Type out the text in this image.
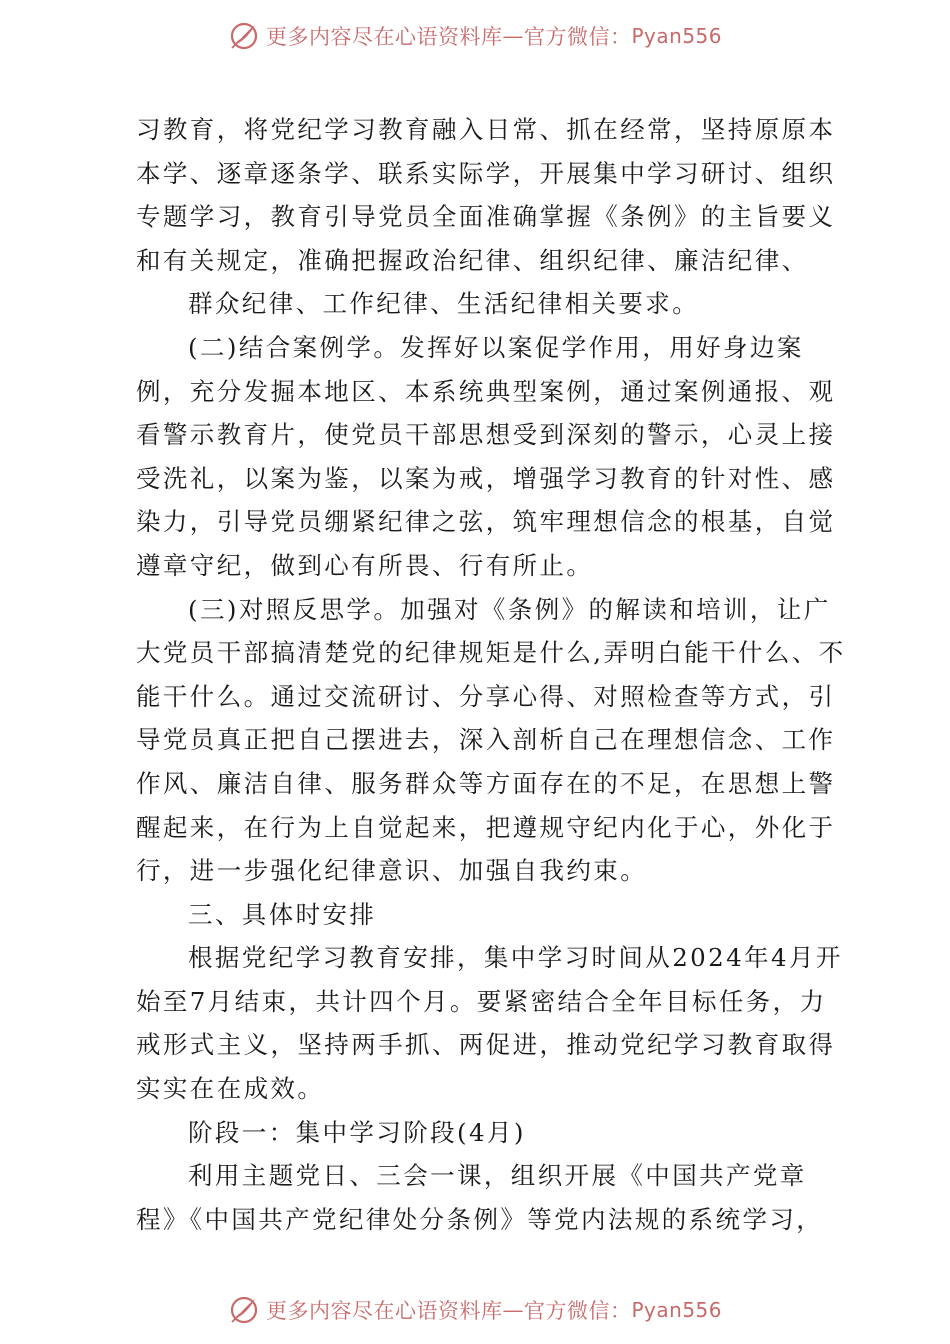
更多内容尽在心语资料库 — 官方微信： Pyan556
习教育，将党纪学习教育融入日常、抓在经常，坚持原原本
本学、逐章逐条学、联系实际学，开展集中学习研讨、组织
专题学习，教育引导党员全面准确掌握《条例》的主旨要义
和有关规定，准确把握政治纪律、组织纪律、廉洁纪律、
群众纪律、工作纪律、生活纪律相关要求。
(二)结合案例学。发挥好以案促学作用，用好身边案
例，充分发掘本地区、本系统典型案例，通过案例通报、观
看警示教育片，使党员干部思想受到深刻的警示，心灵上接
受洗礼，以案为鉴，以案为戒，增强学习教育的针对性、感
染力，引导党员绷紧纪律之弦，筑牢理想信念的根基，自觉
遵章守纪，做到心有所畏、行有所止。
(三)对照反思学。加强对《条例》的解读和培训，让广
大党员干部搞清楚党的纪律规矩是什么,弄明白能干什么、不
能干什么。通过交流研讨、分享心得、对照检查等方式，引
导党员真正把自己摆进去，深入剖析自己在理想信念、工作
作风、廉洁自律、服务群众等方面存在的不足，在思想上警
醒起来，在行为上自觉起来，把遵规守纪内化于心，外化于
行，进一步强化纪律意识、加强自我约束。
三、具体时安排
根据党纪学习教育安排，集中学习时间从2024年4月开
始至7月结束，共计四个月。要紧密结合全年目标任务，力
戒形式主义，坚持两手抓、两促进，推动党纪学习教育取得
实实在在成效。
阶段一：集中学习阶段(4月)
利用主题党日、三会一课，组织开展《中国共产党章
程》《中国共产党纪律处分条例》等党内法规的系统学习，
更多内容尽在心语资料库 — 官方微信： Pyan556
